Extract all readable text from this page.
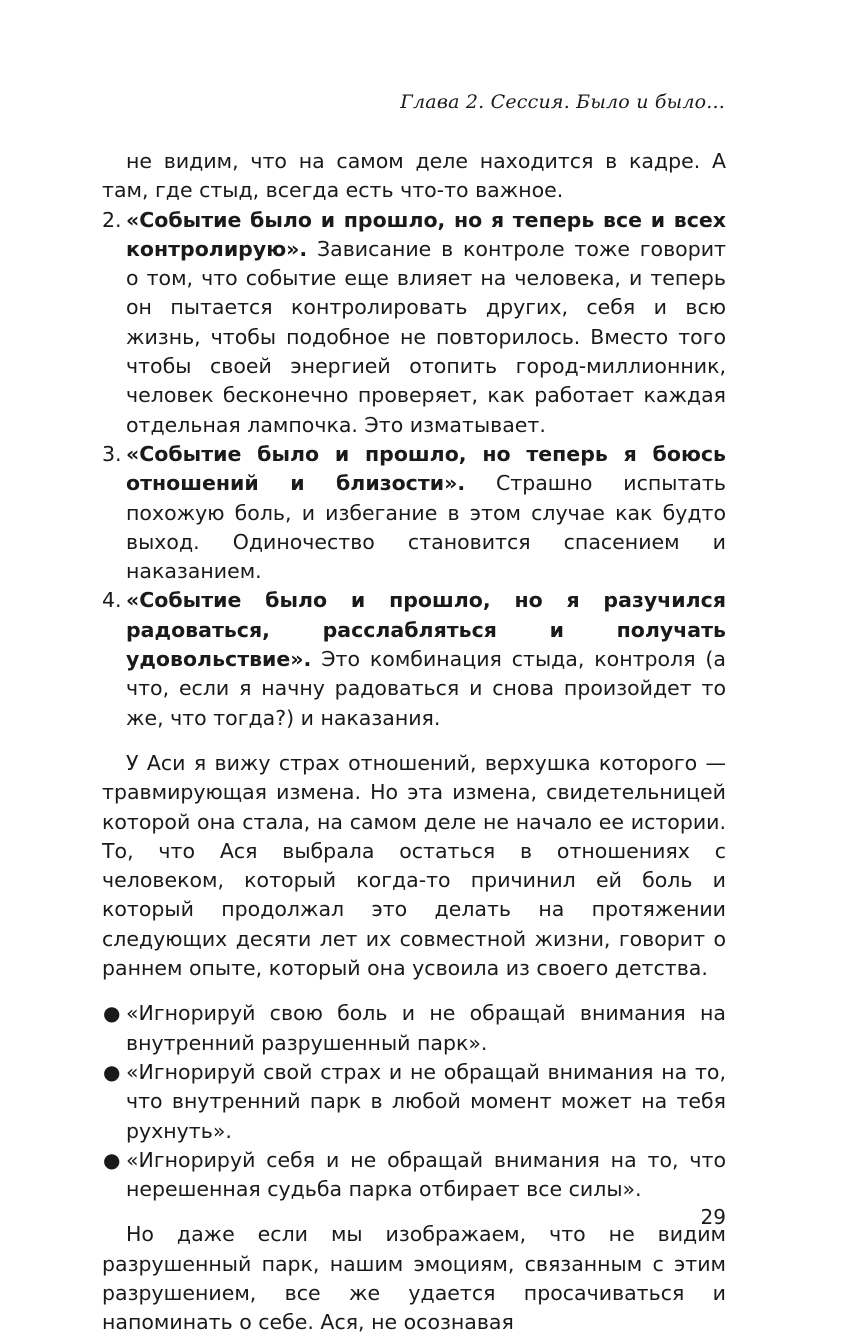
Глава 2. Сессия. Было и было...

не видим, что на самом деле находится в кадре. А там, где стыд, всегда есть что-то важное.

2. «Событие было и прошло, но я теперь все и всех контролирую». Зависание в контроле тоже говорит о том, что событие еще влияет на человека, и теперь он пытается контролировать других, себя и всю жизнь, чтобы подобное не повторилось. Вместо того чтобы своей энергией отопить город-миллионник, человек бесконечно проверяет, как работает каждая отдельная лампочка. Это изматывает.
3. «Событие было и прошло, но теперь я боюсь отношений и близости». Страшно испытать похожую боль, и избегание в этом случае как будто выход. Одиночество становится спасением и наказанием.
4. «Событие было и прошло, но я разучился радоваться, расслабляться и получать удовольствие». Это комбинация стыда, контроля (а что, если я начну радоваться и снова произойдет то же, что тогда?) и наказания.

У Аси я вижу страх отношений, верхушка которого — травмирующая измена. Но эта измена, свидетельницей которой она стала, на самом деле не начало ее истории. То, что Ася выбрала остаться в отношениях с человеком, который когда-то причинил ей боль и который продолжал это делать на протяжении следующих десяти лет их совместной жизни, говорит о раннем опыте, который она усвоила из своего детства.

● «Игнорируй свою боль и не обращай внимания на внутренний разрушенный парк».
● «Игнорируй свой страх и не обращай внимания на то, что внутренний парк в любой момент может на тебя рухнуть».
● «Игнорируй себя и не обращай внимания на то, что нерешенная судьба парка отбирает все силы».

Но даже если мы изображаем, что не видим разрушенный парк, нашим эмоциям, связанным с этим разрушением, все же удается просачиваться и напоминать о себе. Ася, не осознавая

29
